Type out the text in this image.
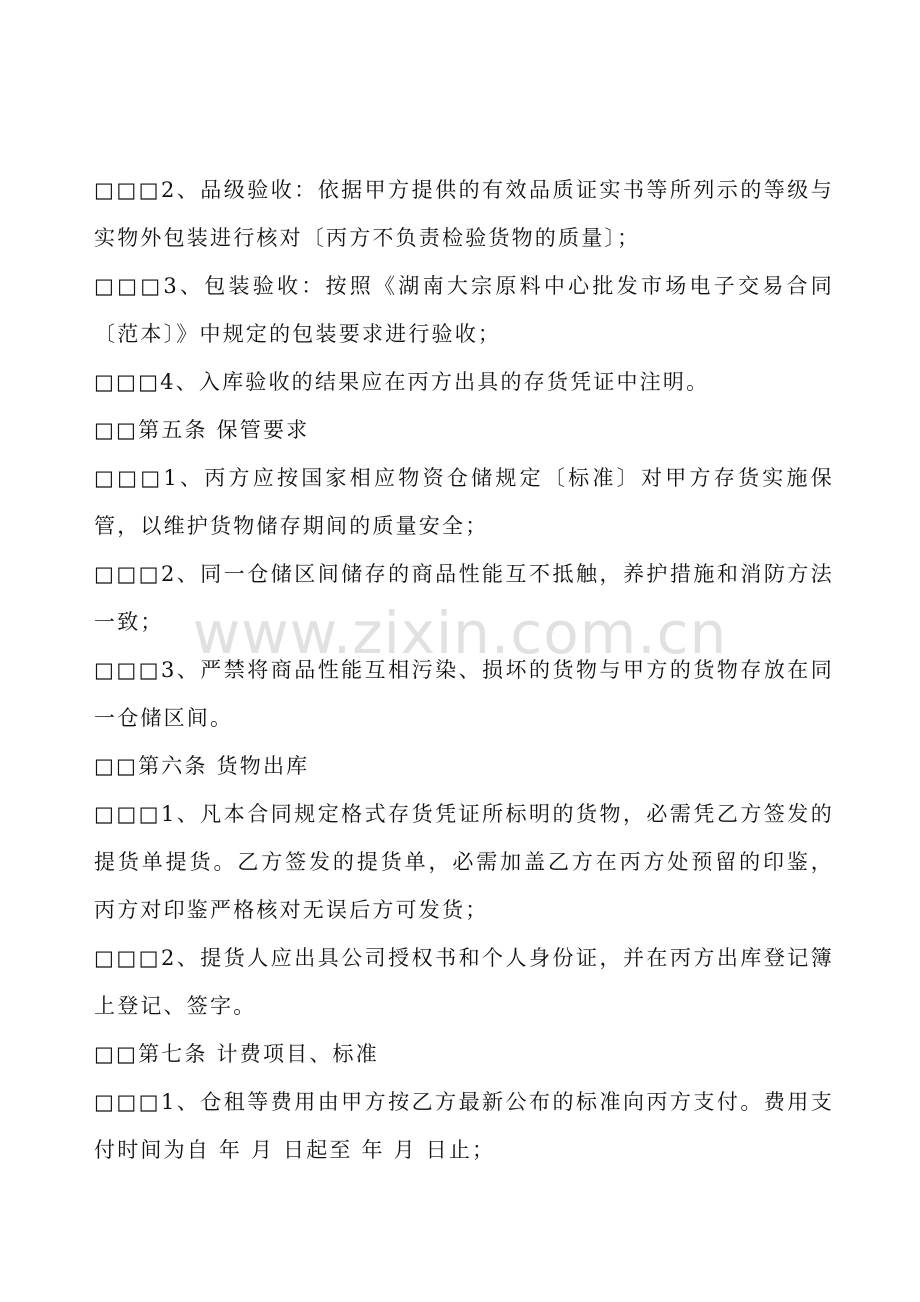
□□□2、品级验收：依据甲方提供的有效品质证实书等所列示的等级与实物外包装进行核对〔丙方不负责检验货物的质量〕；

□□□3、包装验收：按照《湖南大宗原料中心批发市场电子交易合同〔范本〕》中规定的包装要求进行验收；

□□□4、入库验收的结果应在丙方出具的存货凭证中注明。

□□第五条 保管要求

□□□1、丙方应按国家相应物资仓储规定〔标准〕对甲方存货实施保管，以维护货物储存期间的质量安全；

□□□2、同一仓储区间储存的商品性能互不抵触，养护措施和消防方法一致；

□□□3、严禁将商品性能互相污染、损坏的货物与甲方的货物存放在同一仓储区间。

□□第六条 货物出库

□□□1、凡本合同规定格式存货凭证所标明的货物，必需凭乙方签发的提货单提货。乙方签发的提货单，必需加盖乙方在丙方处预留的印鉴，丙方对印鉴严格核对无误后方可发货；

□□□2、提货人应出具公司授权书和个人身份证，并在丙方出库登记簿上登记、签字。

□□第七条 计费项目、标准

□□□1、仓租等费用由甲方按乙方最新公布的标准向丙方支付。费用支付时间为自 年 月 日起至 年 月 日止；

www.zixin.com.cn
